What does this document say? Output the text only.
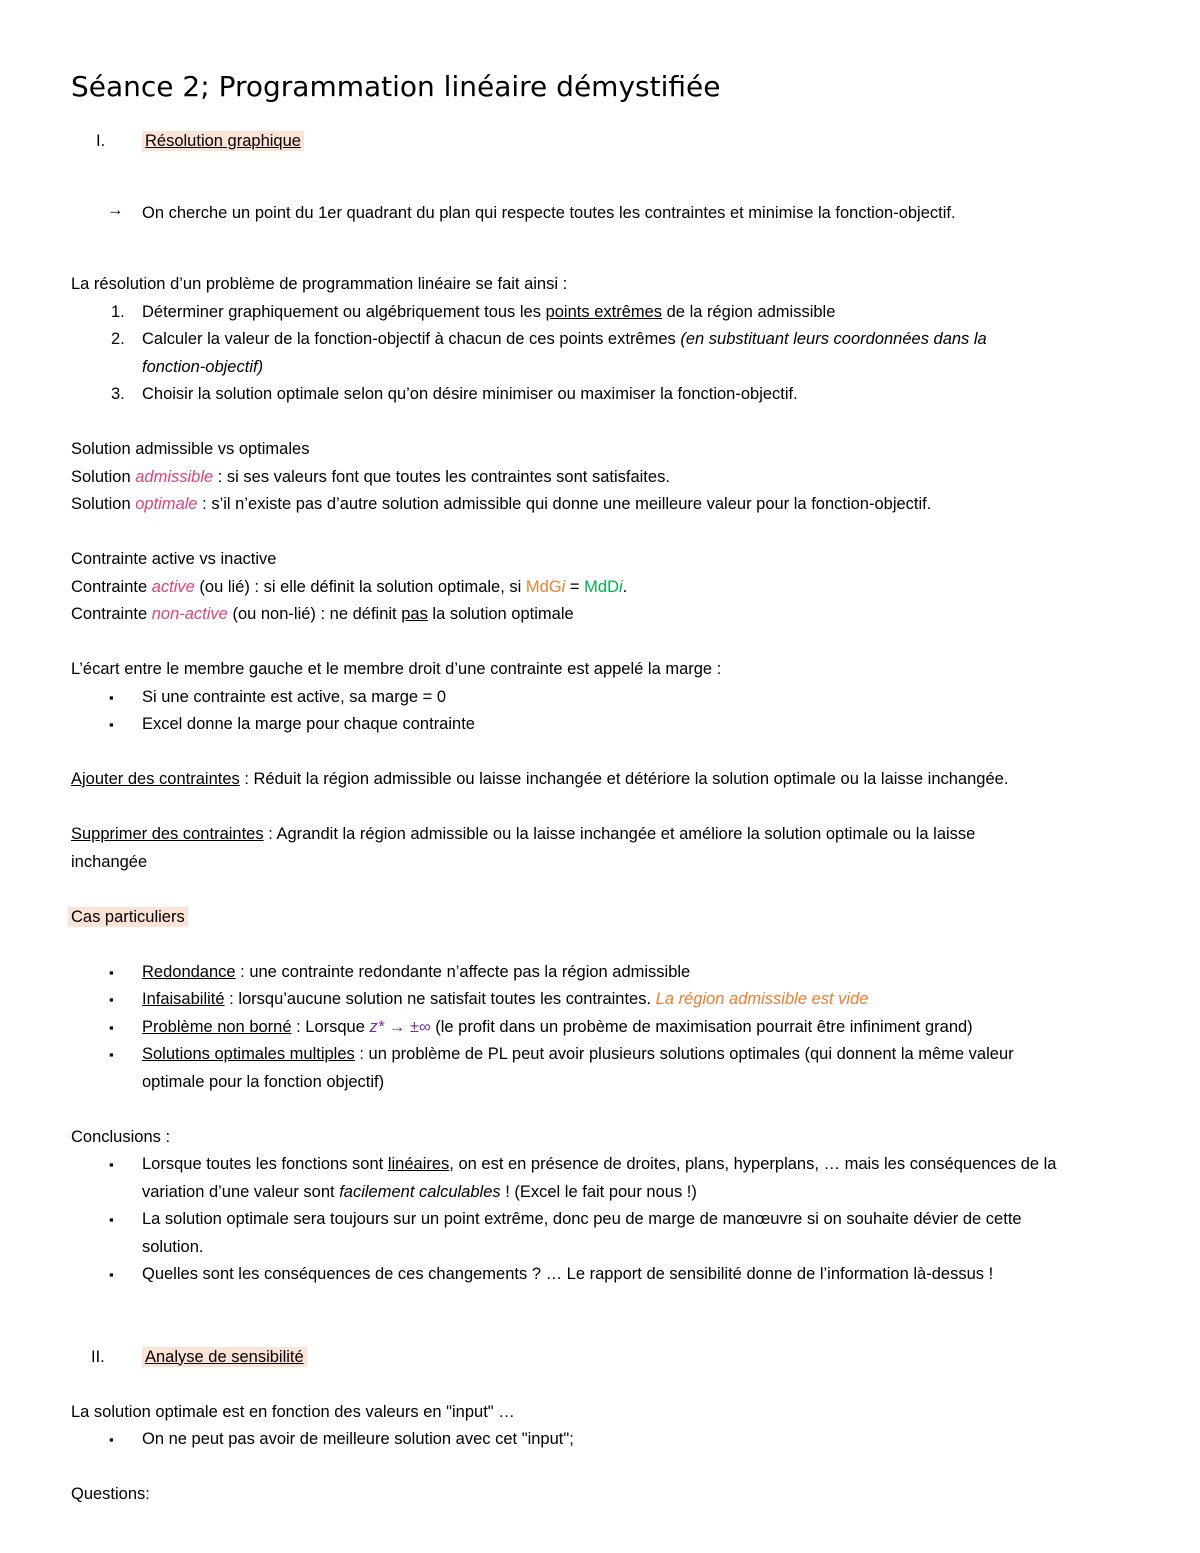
Séance 2; Programmation linéaire démystifiée

I. Résolution graphique

→ On cherche un point du 1er quadrant du plan qui respecte toutes les contraintes et minimise la fonction-objectif.

La résolution d’un problème de programmation linéaire se fait ainsi :

1. Déterminer graphiquement ou algébriquement tous les points extrêmes de la région admissible
2. Calculer la valeur de la fonction-objectif à chacun de ces points extrêmes (en substituant leurs coordonnées dans la
fonction-objectif)
3. Choisir la solution optimale selon qu’on désire minimiser ou maximiser la fonction-objectif.

Solution admissible vs optimales

Solution admissible : si ses valeurs font que toutes les contraintes sont satisfaites.

Solution optimale : s’il n’existe pas d’autre solution admissible qui donne une meilleure valeur pour la fonction-objectif.

Contrainte active vs inactive

Contrainte active (ou lié) : si elle définit la solution optimale, si MdGi = MdDi.

Contrainte non-active (ou non-lié) : ne définit pas la solution optimale

L’écart entre le membre gauche et le membre droit d’une contrainte est appelé la marge :

▪ Si une contrainte est active, sa marge = 0
▪ Excel donne la marge pour chaque contrainte

Ajouter des contraintes : Réduit la région admissible ou laisse inchangée et détériore la solution optimale ou la laisse inchangée.

Supprimer des contraintes : Agrandit la région admissible ou la laisse inchangée et améliore la solution optimale ou la laisse
inchangée

Cas particuliers

▪ Redondance : une contrainte redondante n’affecte pas la région admissible
▪ Infaisabilité : lorsqu’aucune solution ne satisfait toutes les contraintes. La région admissible est vide
▪ Problème non borné : Lorsque z* → ±∞ (le profit dans un probème de maximisation pourrait être infiniment grand)
▪ Solutions optimales multiples : un problème de PL peut avoir plusieurs solutions optimales (qui donnent la même valeur
optimale pour la fonction objectif)

Conclusions :

▪ Lorsque toutes les fonctions sont linéaires, on est en présence de droites, plans, hyperplans, … mais les conséquences de la
variation d’une valeur sont facilement calculables ! (Excel le fait pour nous !)
▪ La solution optimale sera toujours sur un point extrême, donc peu de marge de manœuvre si on souhaite dévier de cette
solution.
▪ Quelles sont les conséquences de ces changements ? … Le rapport de sensibilité donne de l’information là-dessus !

II. Analyse de sensibilité

La solution optimale est en fonction des valeurs en "input" …

▪ On ne peut pas avoir de meilleure solution avec cet "input";

Questions:
